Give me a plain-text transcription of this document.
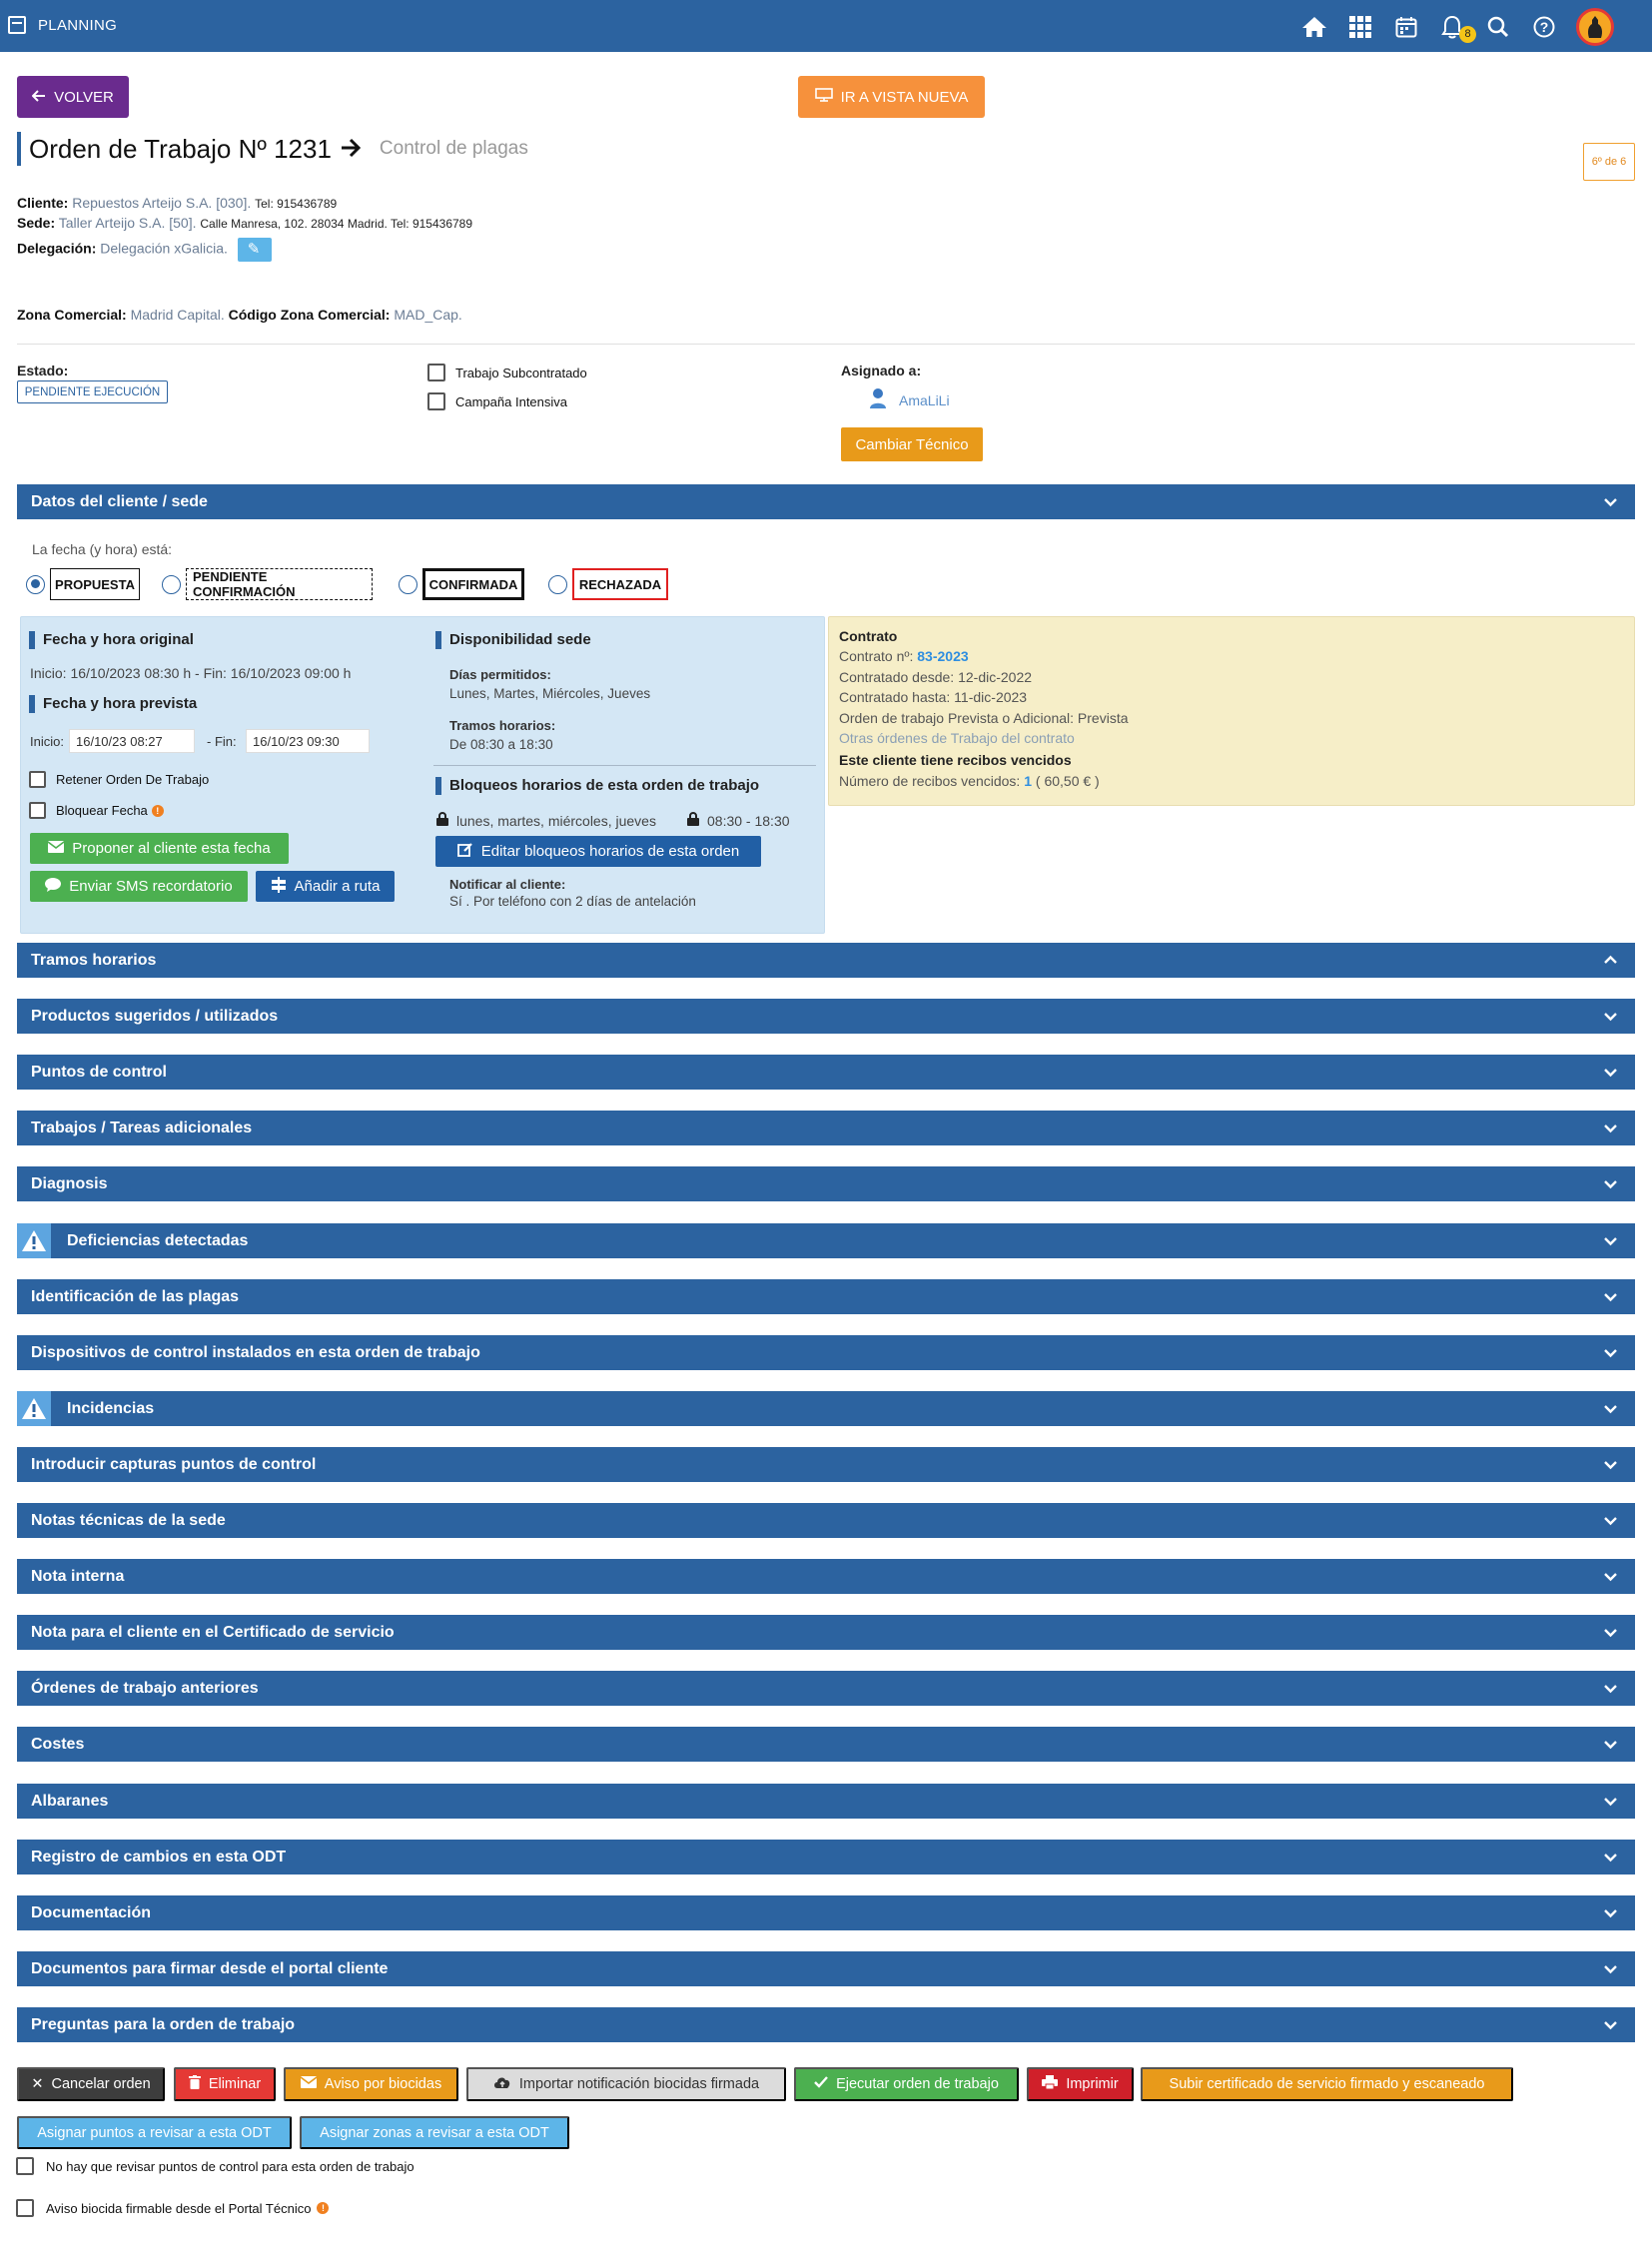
PLANNING
8	?
VOLVER	IR A VISTA NUEVA
Orden de Trabajo Nº 1231	Control de plagas
6º de 6
Cliente: Repuestos Arteijo S.A. [030]. Tel: 915436789
Sede: Taller Arteijo S.A. [50]. Calle Manresa, 102. 28034 Madrid. Tel: 915436789
Delegación: Delegación xGalicia. ✎
Zona Comercial: Madrid Capital. Código Zona Comercial: MAD_Cap.
Estado:
PENDIENTE EJECUCIÓN
Trabajo Subcontratado
Campaña Intensiva
Asignado a:
AmaLiLi
Cambiar Técnico
Datos del cliente / sede
La fecha (y hora) está:
PROPUESTA	PENDIENTE CONFIRMACIÓN	CONFIRMADA	RECHAZADA
Fecha y hora original
Inicio: 16/10/2023 08:30 h - Fin: 16/10/2023 09:00 h
Fecha y hora prevista
Inicio:
16/10/23 08:27	- Fin:
16/10/23 09:30
Retener Orden De Trabajo
Bloquear Fecha !
Proponer al cliente esta fecha
Enviar SMS recordatorio	Añadir a ruta
Disponibilidad sede
Días permitidos:
Lunes, Martes, Miércoles, Jueves
Tramos horarios:
De 08:30 a 18:30
Bloqueos horarios de esta orden de trabajo
lunes, martes, miércoles, jueves	08:30 - 18:30
Editar bloqueos horarios de esta orden
Notificar al cliente:
Sí . Por teléfono con 2 días de antelación
Contrato
Contrato nº: 83-2023
Contratado desde: 12-dic-2022
Contratado hasta: 11-dic-2023
Orden de trabajo Prevista o Adicional: Prevista
Otras órdenes de Trabajo del contrato
Este cliente tiene recibos vencidos
Número de recibos vencidos: 1 ( 60,50 € )
Tramos horarios
Productos sugeridos / utilizados
Puntos de control
Trabajos / Tareas adicionales
Diagnosis
Deficiencias detectadas
Identificación de las plagas
Dispositivos de control instalados en esta orden de trabajo
Incidencias
Introducir capturas puntos de control
Notas técnicas de la sede
Nota interna
Nota para el cliente en el Certificado de servicio
Órdenes de trabajo anteriores
Costes
Albaranes
Registro de cambios en esta ODT
Documentación
Documentos para firmar desde el portal cliente
Preguntas para la orden de trabajo
✕ Cancelar orden	Eliminar	Aviso por biocidas	Importar notificación biocidas firmada	Ejecutar orden de trabajo	Imprimir	Subir certificado de servicio firmado y escaneado
Asignar puntos a revisar a esta ODT	Asignar zonas a revisar a esta ODT
No hay que revisar puntos de control para esta orden de trabajo
Aviso biocida firmable desde el Portal Técnico	!
